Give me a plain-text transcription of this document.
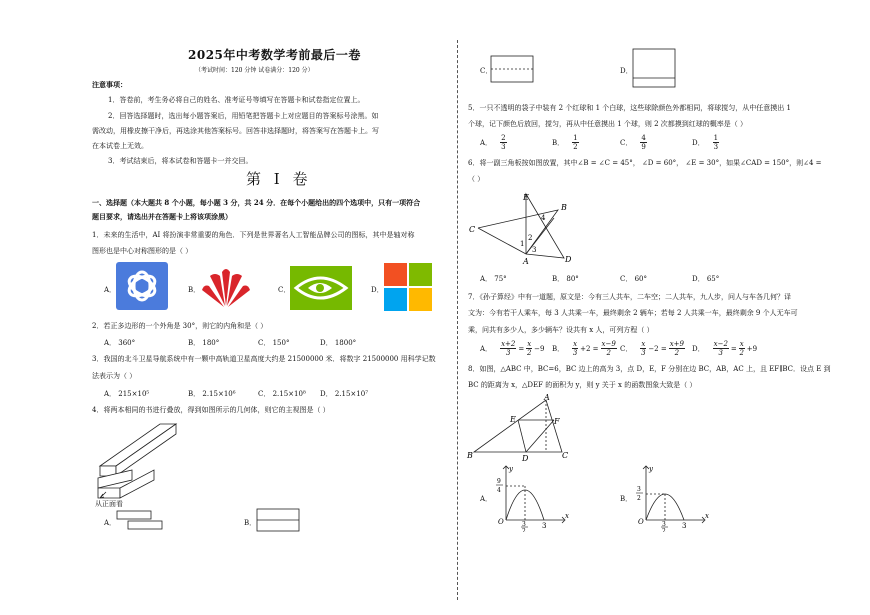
2025年中考数学考前最后一卷
（考试时间：120 分钟 试卷满分：120 分）
注意事项：
1．答卷前，考生务必将自己的姓名、准考证号等填写在答题卡和试卷指定位置上。
2．回答选择题时，选出每小题答案后，用铅笔把答题卡上对应题目的答案标号涂黑。如
需改动，用橡皮擦干净后，再选涂其他答案标号。回答非选择题时，将答案写在答题卡上。写
在本试卷上无效。
3．考试结束后，将本试卷和答题卡一并交回。
第 I 卷
一、选择题（本大题共 8 个小题，每小题 3 分，共 24 分．在每个小题给出的四个选项中，只有一项符合
题目要求，请选出并在答题卡上将该项涂黑）
1．未来的生活中，AI 将扮演非常重要的角色．下列是世界著名人工智能品牌公司的图标，其中是轴对称
图形也是中心对称图形的是（ ）
A．	B．	C．	D．
2．若正多边形的一个外角是 30°，则它的内角和是（ ）
A． 360°	B． 180°	C． 150°	D． 1800°
3．我国的北斗卫星导航系统中有一颗中高轨道卫星高度大约是 21500000 米．将数字 21500000 用科学记数
法表示为（ ）
A． 215×10⁵	B． 2.15×10⁶	C． 2.15×10⁸ D． 2.15×10⁷
4．将两本相同的书进行叠放，得到如图所示的几何体，则它的主视图是（ ）
从正面看
A．	B．
C．	D．
5．一只不透明的袋子中装有 2 个红球和 1 个白球，这些球除颜色外都相同，将球搅匀，从中任意摸出 1
个球，记下颜色后放回，搅匀，再从中任意摸出 1 个球，则 2 次都摸到红球的概率是（ ）
A． $\frac{2}{3}$	B． $\frac{1}{2}$	C． $\frac{4}{9}$	D． $\frac{1}{3}$
6．将一副三角板按如图放置，其中∠B = ∠C = 45°， ∠D = 60°， ∠E = 30°，如果∠CAD = 150°，则∠4 =
（ ）
E
B
C
A	D
1
2
3
4
A． 75°	B． 80°	C． 60°	D． 65°
7．《孙子算经》中有一道题，原文是：今有三人共车，二车空；二人共车，九人步，问人与车各几何？译
文为：今有若干人乘车，每 3 人共乘一车，最终剩余 2 辆车；若每 2 人共乘一车，最终剩余 9 个人无车可
乘，问共有多少人，多少辆车？设共有 x 人，可列方程（ ）
A． $\frac{x+2}{3} = \frac{x}{2} -9$ B． $\frac{x}{3} +2 = \frac{x-9}{2}$ C． $\frac{x}{3} -2 = \frac{x+9}{2}$ D． $\frac{x-2}{3} = \frac{x}{2} +9$
8．如图，△ABC 中，BC=6，BC 边上的高为 3，点 D，E，F 分别在边 BC，AB，AC 上，且 EF∥BC．设点 E 到
BC 的距离为 x，△DEF 的面积为 y，则 y 关于 x 的函数图象大致是（ ）
A
E	F
B	D	C
A．
y
x
O
9
4
3
2
3
B．
y
x
O
3
2
3
2
3
